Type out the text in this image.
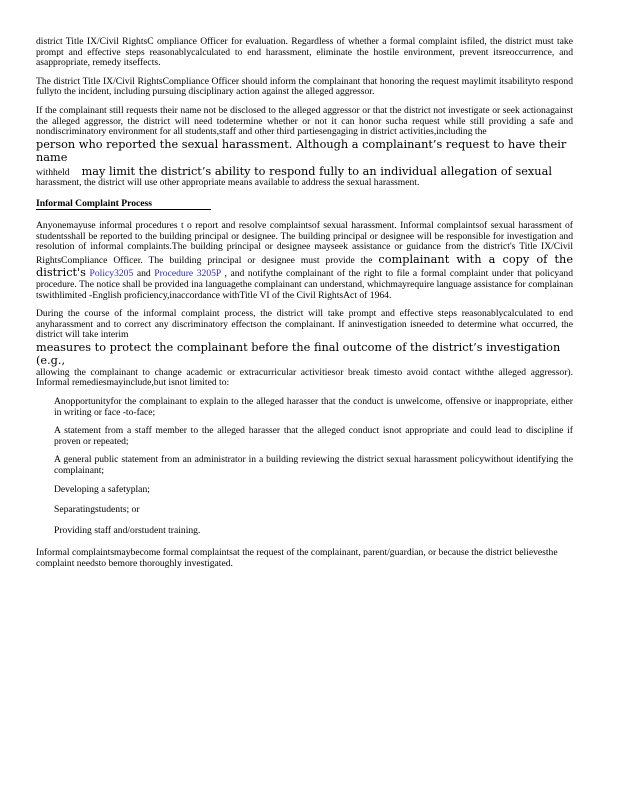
district Title IX/Civil RightsC ompliance Officer for evaluation. Regardless of whether a formal complaint isfiled, the district must take prompt and effective steps reasonablycalculated to end harassment, eliminate the hostile environment, prevent itsreoccurrence, and asappropriate, remedy itseffects.

The district Title IX/Civil RightsCompliance Officer should inform the complainant that honoring the request maylimit itsabilityto respond fullyto the incident, including pursuing disciplinary action against the alleged aggressor.

If the complainant still requests their name not be disclosed to the alleged aggressor or that the district not investigate or seek actionagainst the alleged aggressor, the district will need todetermine whether or not it can honor sucha request while still providing a safe and nondiscriminatory environment for all students,staff and other third partiesengaging in district activities,including the
person who reported the sexual harassment. Although a complainant’s request to have their name
withheld may limit the district’s ability to respond fully to an individual allegation of sexual
harassment, the district will use other appropriate means available to address the sexual harassment.

Informal Complaint Process

Anyonemayuse informal procedures t o report and resolve complaintsof sexual harassment. Informal complaintsof sexual harassment of studentsshall be reported to the building principal or designee. The building principal or designee will be responsible for investigation and resolution of informal complaints.The building principal or designee mayseek assistance or guidance from the district's Title IX/Civil RightsCompliance Officer. The building principal or designee must provide the complainant with a copy of the district's Policy3205 and Procedure 3205P , and notifythe complainant of the right to file a formal complaint under that policyand procedure. The notice shall be provided ina languagethe complainant can understand, whichmayrequire language assistance for complainan tswithlimited -English proficiency,inaccordance withTitle VI of the Civil RightsAct of 1964.
During the course of the informal complaint process, the district will take prompt and effective steps reasonablycalculated to end anyharassment and to correct any discriminatory effectson the complainant. If aninvestigation isneeded to determine what occurred, the district will take interim
measures to protect the complainant before the final outcome of the district’s investigation (e.g.,
allowing the complainant to change academic or extracurricular activitiesor break timesto avoid contact withthe alleged aggressor). Informal remediesmayinclude,but isnot limited to:
Anopportunityfor the complainant to explain to the alleged harasser that the conduct is unwelcome, offensive or inappropriate, either in writing or face -to-face;
A statement from a staff member to the alleged harasser that the alleged conduct isnot appropriate and could lead to discipline if proven or repeated;
A general public statement from an administrator in a building reviewing the district sexual harassment policywithout identifying the complainant;
Developing a safetyplan;
Separatingstudents; or
Providing staff and/orstudent training.

Informal complaintsmaybecome formal complaintsat the request of the complainant, parent/guardian, or because the district believesthe complaint needsto bemore thoroughly investigated.
